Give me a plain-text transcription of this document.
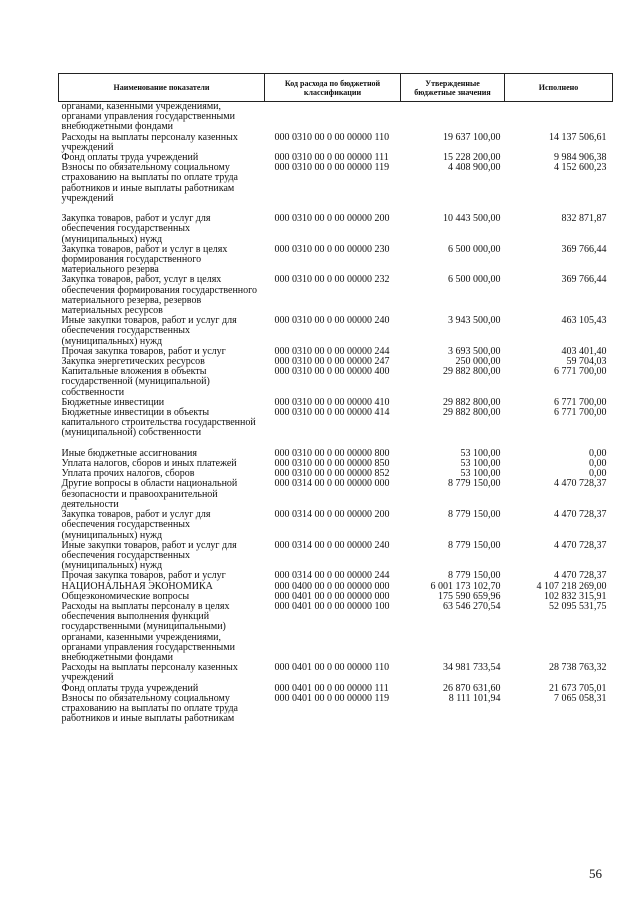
Наименование показатели	Код расхода по бюджетной классификации	Утвержденные бюджетные значения	Исполнено
органами, казенными учреждениями, органами управления государственными внебюджетными фондами			
Расходы на выплаты персоналу казенных учреждений	000 0310 00 0 00 00000 110	19 637 100,00	14 137 506,61
Фонд оплаты труда учреждений	000 0310 00 0 00 00000 111	15 228 200,00	9 984 906,38
Взносы по обязательному социальному страхованию на выплаты по оплате труда работников и иные выплаты работникам учреждений	000 0310 00 0 00 00000 119	4 408 900,00	4 152 600,23
Закупка товаров, работ и услуг для обеспечения государственных (муниципальных) нужд	000 0310 00 0 00 00000 200	10 443 500,00	832 871,87
Закупка товаров, работ и услуг в целях формирования государственного материального резерва	000 0310 00 0 00 00000 230	6 500 000,00	369 766,44
Закупка товаров, работ, услуг в целях обеспечения формирования государственного материального резерва, резервов материальных ресурсов	000 0310 00 0 00 00000 232	6 500 000,00	369 766,44
Иные закупки товаров, работ и услуг для обеспечения государственных (муниципальных) нужд	000 0310 00 0 00 00000 240	3 943 500,00	463 105,43
Прочая закупка товаров, работ и услуг	000 0310 00 0 00 00000 244	3 693 500,00	403 401,40
Закупка энергетических ресурсов	000 0310 00 0 00 00000 247	250 000,00	59 704,03
Капитальные вложения в объекты государственной (муниципальной) собственности	000 0310 00 0 00 00000 400	29 882 800,00	6 771 700,00
Бюджетные инвестиции	000 0310 00 0 00 00000 410	29 882 800,00	6 771 700,00
Бюджетные инвестиции в объекты капитального строительства государственной (муниципальной) собственности	000 0310 00 0 00 00000 414	29 882 800,00	6 771 700,00
Иные бюджетные ассигнования	000 0310 00 0 00 00000 800	53 100,00	0,00
Уплата налогов, сборов и иных платежей	000 0310 00 0 00 00000 850	53 100,00	0,00
Уплата прочих налогов, сборов	000 0310 00 0 00 00000 852	53 100,00	0,00
Другие вопросы в области национальной безопасности и правоохранительной деятельности	000 0314 00 0 00 00000 000	8 779 150,00	4 470 728,37
Закупка товаров, работ и услуг для обеспечения государственных (муниципальных) нужд	000 0314 00 0 00 00000 200	8 779 150,00	4 470 728,37
Иные закупки товаров, работ и услуг для обеспечения государственных (муниципальных) нужд	000 0314 00 0 00 00000 240	8 779 150,00	4 470 728,37
Прочая закупка товаров, работ и услуг	000 0314 00 0 00 00000 244	8 779 150,00	4 470 728,37
НАЦИОНАЛЬНАЯ ЭКОНОМИКА	000 0400 00 0 00 00000 000	6 001 173 102,70	4 107 218 269,00
Общеэкономические вопросы	000 0401 00 0 00 00000 000	175 590 659,96	102 832 315,91
Расходы на выплаты персоналу в целях обеспечения выполнения функций государственными (муниципальными) органами, казенными учреждениями, органами управления государственными внебюджетными фондами	000 0401 00 0 00 00000 100	63 546 270,54	52 095 531,75
Расходы на выплаты персоналу казенных учреждений	000 0401 00 0 00 00000 110	34 981 733,54	28 738 763,32
Фонд оплаты труда учреждений	000 0401 00 0 00 00000 111	26 870 631,60	21 673 705,01
Взносы по обязательному социальному страхованию на выплаты по оплате труда работников и иные выплаты работникам	000 0401 00 0 00 00000 119	8 111 101,94	7 065 058,31
56
